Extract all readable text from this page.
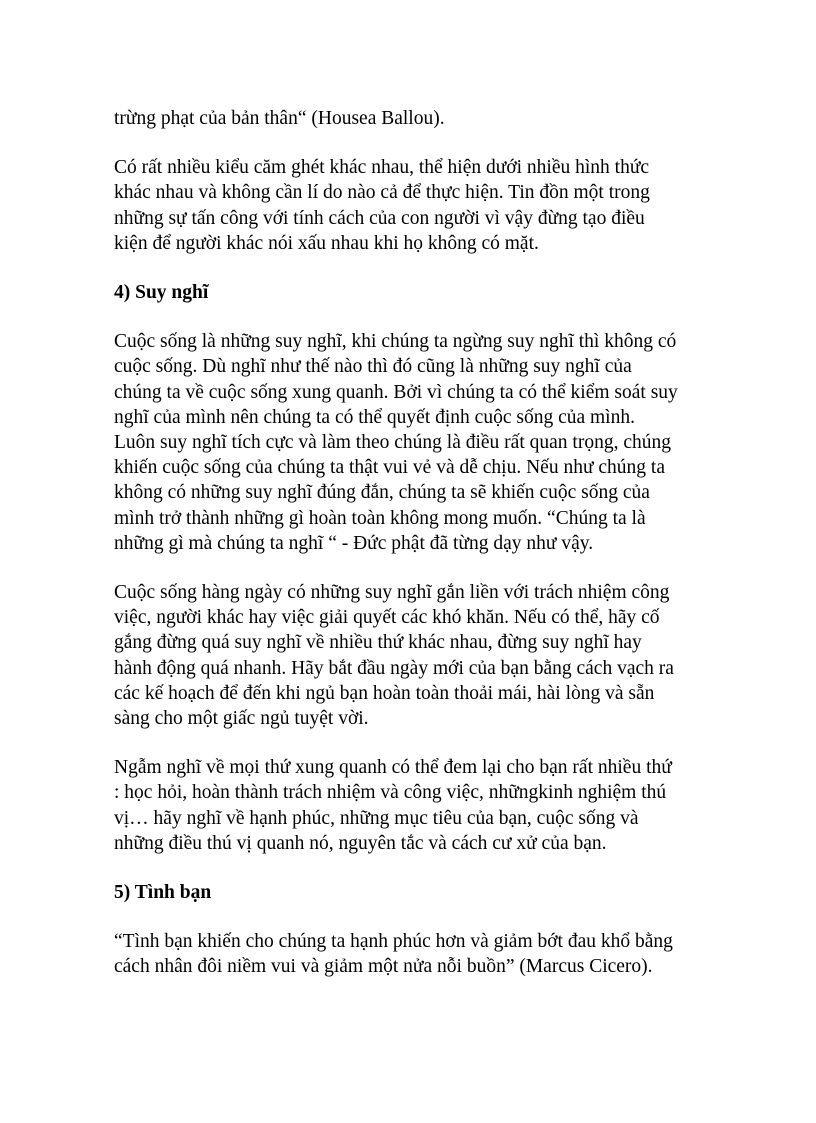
trừng phạt của bản thân“ (Housea Ballou).

Có rất nhiều kiểu căm ghét khác nhau, thể hiện dưới nhiều hình thức
khác nhau và không cần lí do nào cả để thực hiện. Tin đồn một trong
những sự tấn công với tính cách của con người vì vậy đừng tạo điều
kiện để người khác nói xấu nhau khi họ không có mặt.

4) Suy nghĩ

Cuộc sống là những suy nghĩ, khi chúng ta ngừng suy nghĩ thì không có
cuộc sống. Dù nghĩ như thế nào thì đó cũng là những suy nghĩ của
chúng ta về cuộc sống xung quanh. Bởi vì chúng ta có thể kiểm soát suy
nghĩ của mình nên chúng ta có thể quyết định cuộc sống của mình.
Luôn suy nghĩ tích cực và làm theo chúng là điều rất quan trọng, chúng
khiến cuộc sống của chúng ta thật vui vẻ và dễ chịu. Nếu như chúng ta
không có những suy nghĩ đúng đắn, chúng ta sẽ khiến cuộc sống của
mình trở thành những gì hoàn toàn không mong muốn. “Chúng ta là
những gì mà chúng ta nghĩ “ - Đức phật đã từng dạy như vậy.

Cuộc sống hàng ngày có những suy nghĩ gắn liền với trách nhiệm công
việc, người khác hay việc giải quyết các khó khăn. Nếu có thể, hãy cố
gắng đừng quá suy nghĩ về nhiều thứ khác nhau, đừng suy nghĩ hay
hành động quá nhanh. Hãy bắt đầu ngày mới của bạn bằng cách vạch ra
các kế hoạch để đến khi ngủ bạn hoàn toàn thoải mái, hài lòng và sẵn
sàng cho một giấc ngủ tuyệt vời.

Ngẫm nghĩ về mọi thứ xung quanh có thể đem lại cho bạn rất nhiều thứ
: học hỏi, hoàn thành trách nhiệm và công việc, nhữngkinh nghiệm thú
vị… hãy nghĩ về hạnh phúc, những mục tiêu của bạn, cuộc sống và
những điều thú vị quanh nó, nguyên tắc và cách cư xử của bạn.

5) Tình bạn

“Tình bạn khiến cho chúng ta hạnh phúc hơn và giảm bớt đau khổ bằng
cách nhân đôi niềm vui và giảm một nửa nỗi buồn” (Marcus Cicero).
